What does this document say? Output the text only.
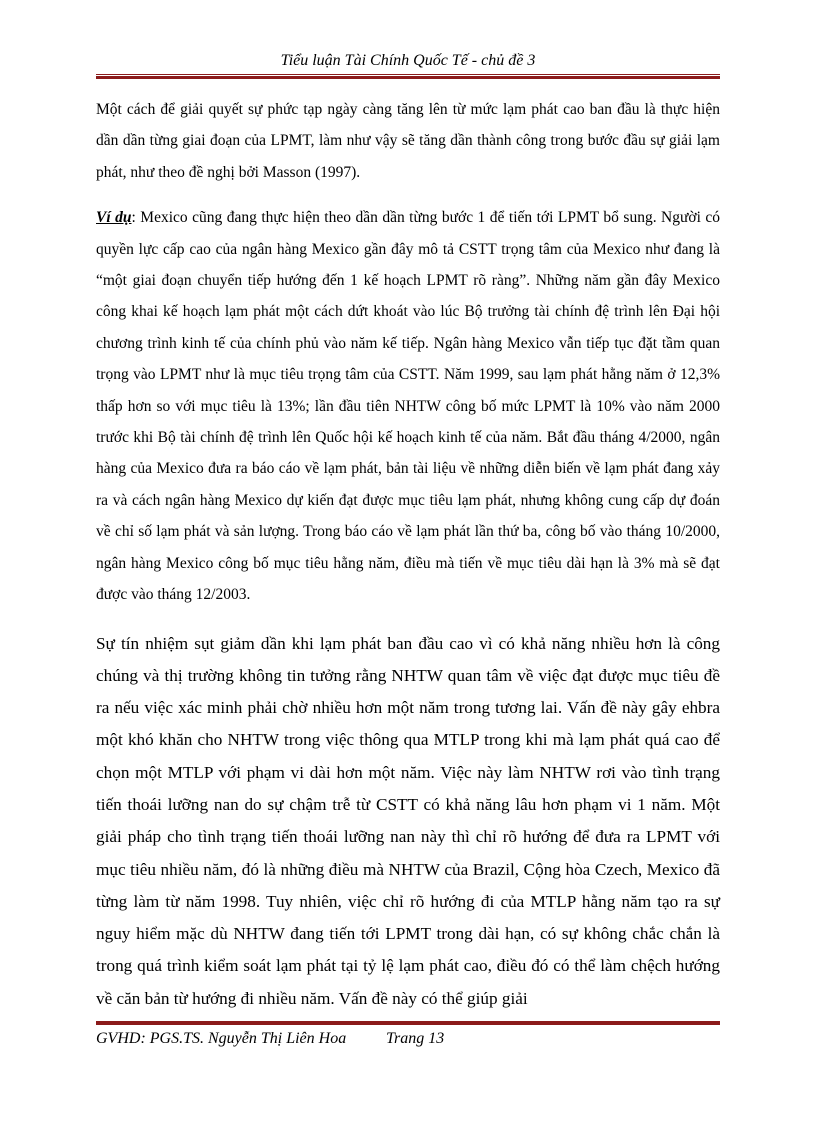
Tiểu luận Tài Chính Quốc Tế - chủ đề 3

Một cách để giải quyết sự phức tạp ngày càng tăng lên từ mức lạm phát cao ban đầu là thực hiện dần dần từng giai đoạn của LPMT, làm như vậy sẽ tăng dần thành công trong bước đầu sự giải lạm phát, như theo đề nghị bởi Masson (1997).

Ví dụ: Mexico cũng đang thực hiện theo dần dần từng bước 1 để tiến tới LPMT bổ sung. Người có quyền lực cấp cao của ngân hàng Mexico gần đây mô tả CSTT trọng tâm của Mexico như đang là “một giai đoạn chuyển tiếp hướng đến 1 kế hoạch LPMT rõ ràng”. Những năm gần đây Mexico công khai kế hoạch lạm phát một cách dứt khoát vào lúc Bộ trưởng tài chính đệ trình lên Đại hội chương trình kinh tế của chính phủ vào năm kế tiếp. Ngân hàng Mexico vẫn tiếp tục đặt tầm quan trọng vào LPMT như là mục tiêu trọng tâm của CSTT. Năm 1999, sau lạm phát hằng năm ở 12,3% thấp hơn so với mục tiêu là 13%; lần đầu tiên NHTW công bố mức LPMT là 10% vào năm 2000 trước khi Bộ tài chính đệ trình lên Quốc hội kế hoạch kinh tế của năm. Bắt đầu tháng 4/2000, ngân hàng của Mexico đưa ra báo cáo về lạm phát, bản tài liệu về những diễn biến về lạm phát đang xảy ra và cách ngân hàng Mexico dự kiến đạt được mục tiêu lạm phát, nhưng không cung cấp dự đoán về chỉ số lạm phát và sản lượng. Trong báo cáo về lạm phát lần thứ ba, công bố vào tháng 10/2000, ngân hàng Mexico công bố mục tiêu hằng năm, điều mà tiến về mục tiêu dài hạn là 3% mà sẽ đạt được vào tháng 12/2003.

Sự tín nhiệm sụt giảm dần khi lạm phát ban đầu cao vì có khả năng nhiều hơn là công chúng và thị trường không tin tưởng rằng NHTW quan tâm về việc đạt được mục tiêu đề ra nếu việc xác minh phải chờ nhiều hơn một năm trong tương lai. Vấn đề này gây ehbra một khó khăn cho NHTW trong việc thông qua MTLP trong khi mà lạm phát quá cao để chọn một MTLP với phạm vi dài hơn một năm. Việc này làm NHTW rơi vào tình trạng tiến thoái lưỡng nan do sự chậm trễ từ CSTT có khả năng lâu hơn phạm vi 1 năm. Một giải pháp cho tình trạng tiến thoái lưỡng nan này thì chỉ rõ hướng để đưa ra LPMT với mục tiêu nhiều năm, đó là những điều mà NHTW của Brazil, Cộng hòa Czech, Mexico đã từng làm từ năm 1998. Tuy nhiên, việc chỉ rõ hướng đi của MTLP hằng năm tạo ra sự nguy hiểm mặc dù NHTW đang tiến tới LPMT trong dài hạn, có sự không chắc chắn là trong quá trình kiểm soát lạm phát tại tỷ lệ lạm phát cao, điều đó có thể làm chệch hướng về căn bản từ hướng đi nhiều năm. Vấn đề này có thể giúp giải

GVHD: PGS.TS. Nguyễn Thị Liên Hoa Trang 13
